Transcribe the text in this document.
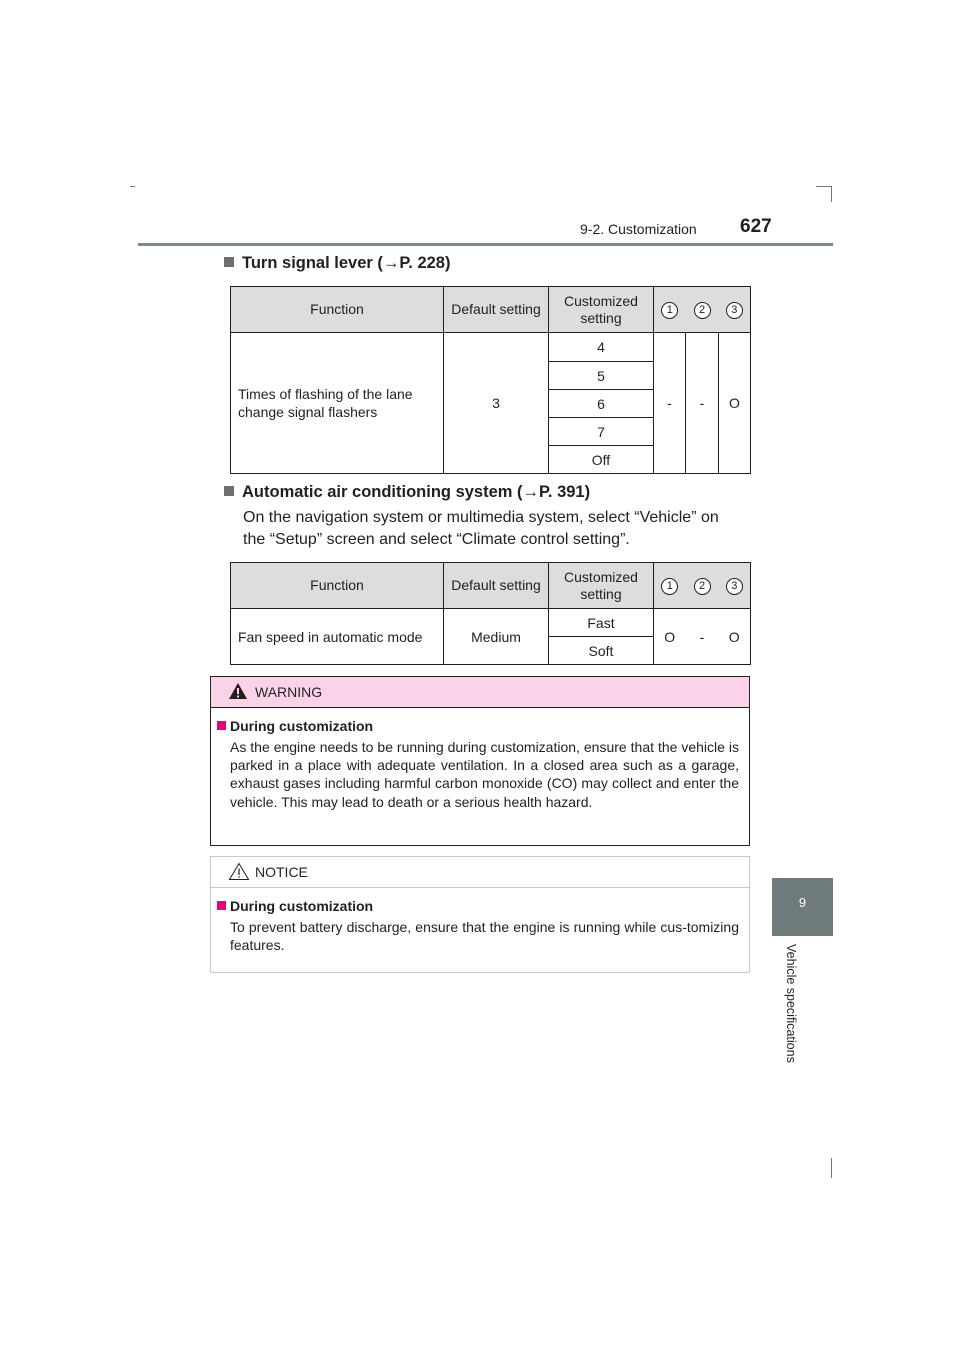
9-2. Customization 627
9
Vehicle specifications
Turn signal lever (→P. 228)
Function	Default setting	Customized setting	1	2	3
Times of flashing of the lane change signal flashers	3	4	-	-	O
		5			
		6			
		7			
		Off			
Automatic air conditioning system (→P. 391)
On the navigation system or multimedia system, select “Vehicle” on
the “Setup” screen and select “Climate control setting”.
Function	Default setting	Customized setting	1	2	3
Fan speed in automatic mode	Medium	Fast	O	-	O
		Soft			
WARNING
During customization
As the engine needs to be running during customization, ensure that the vehicle is parked in a place with adequate ventilation. In a closed area such as a garage, exhaust gases including harmful carbon monoxide (CO) may collect and enter the vehicle. This may lead to death or a serious health hazard.
NOTICE
During customization
To prevent battery discharge, ensure that the engine is running while cus-tomizing features.
